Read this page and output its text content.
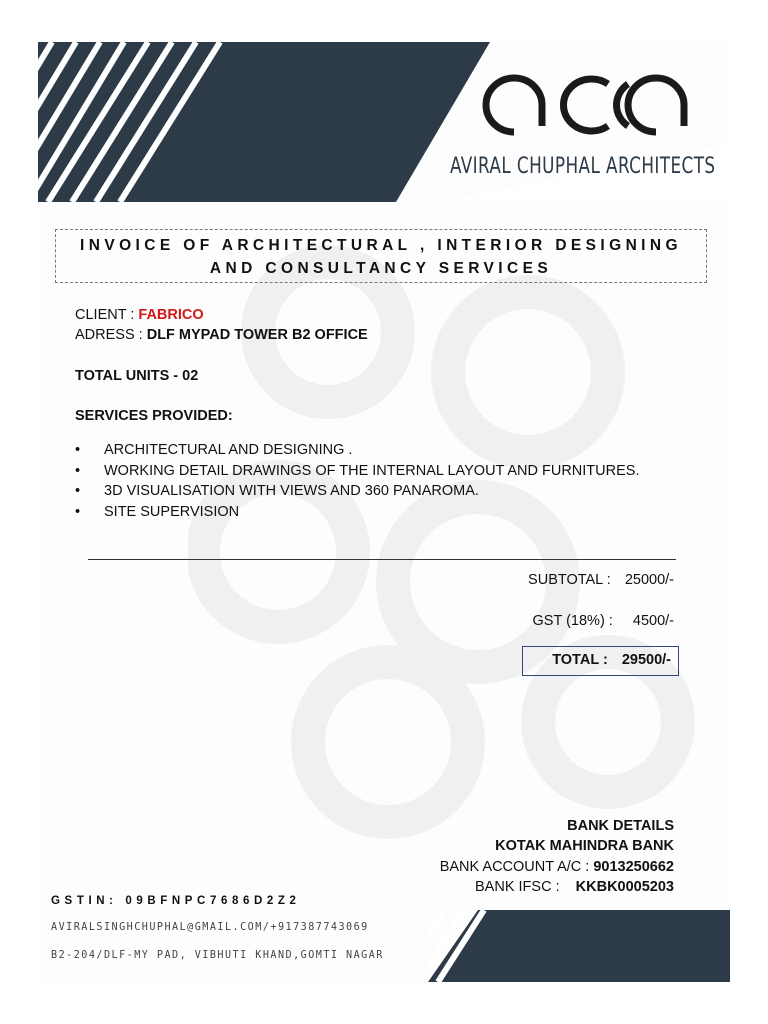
AVIRAL CHUPHAL ARCHITECTS
INVOICE OF ARCHITECTURAL , INTERIOR DESIGNING
AND CONSULTANCY SERVICES
CLIENT : FABRICO
ADRESS : DLF MYPAD TOWER B2 OFFICE
TOTAL UNITS - 02
SERVICES PROVIDED:
• ARCHITECTURAL AND DESIGNING .
• WORKING DETAIL DRAWINGS OF THE INTERNAL LAYOUT AND FURNITURES.
• 3D VISUALISATION WITH VIEWS AND 360 PANAROMA.
• SITE SUPERVISION
SUBTOTAL : 25000/-
GST (18%) : 4500/-
TOTAL : 29500/-
BANK DETAILS
KOTAK MAHINDRA BANK
BANK ACCOUNT A/C : 9013250662
BANK IFSC : KKBK0005203
GSTIN: 09BFNPC7686D2Z2
AVIRALSINGHCHUPHAL@GMAIL.COM/+917387743069
B2-204/DLF-MY PAD, VIBHUTI KHAND,GOMTI NAGAR
